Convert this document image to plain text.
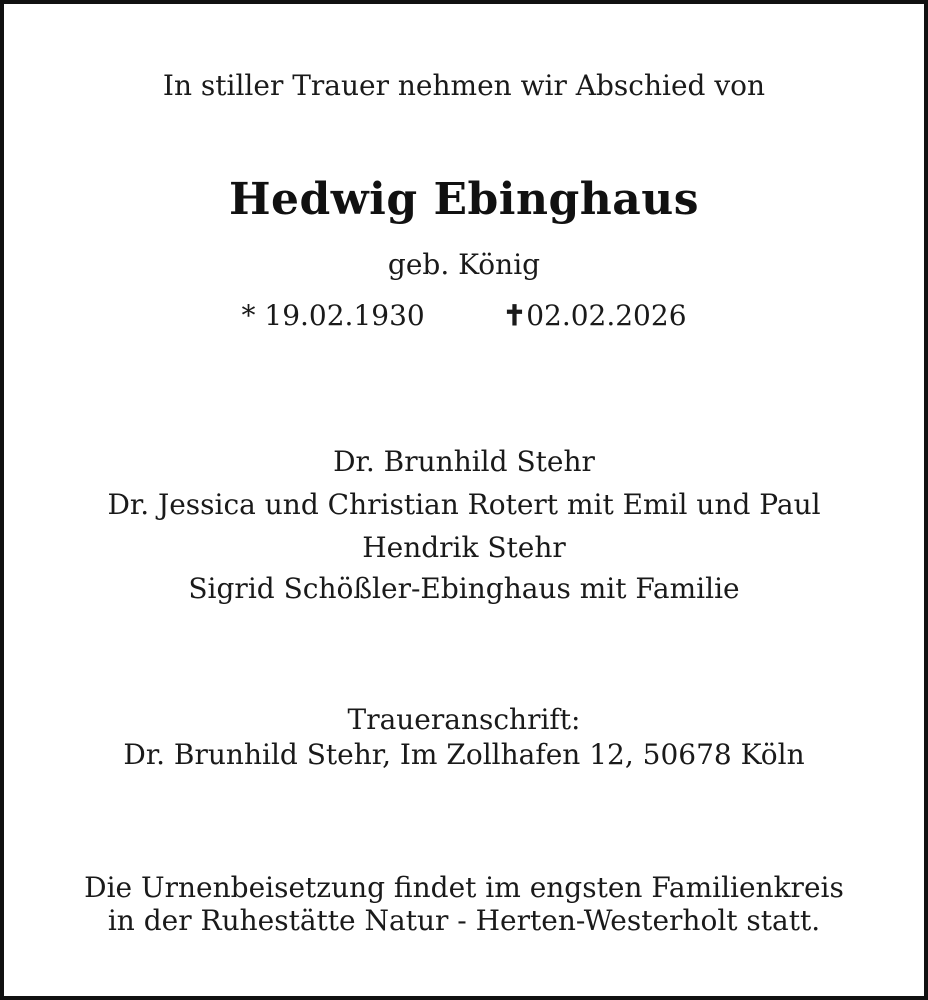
In stiller Trauer nehmen wir Abschied von
Hedwig Ebinghaus
geb. König
* 19.02.1930	✝02.02.2026
Dr. Brunhild Stehr
Dr. Jessica und Christian Rotert mit Emil und Paul
Hendrik Stehr
Sigrid Schößler-Ebinghaus mit Familie
Traueranschrift:
Dr. Brunhild Stehr, Im Zollhafen 12, 50678 Köln
Die Urnenbeisetzung findet im engsten Familienkreis
in der Ruhestätte Natur - Herten-Westerholt statt.
